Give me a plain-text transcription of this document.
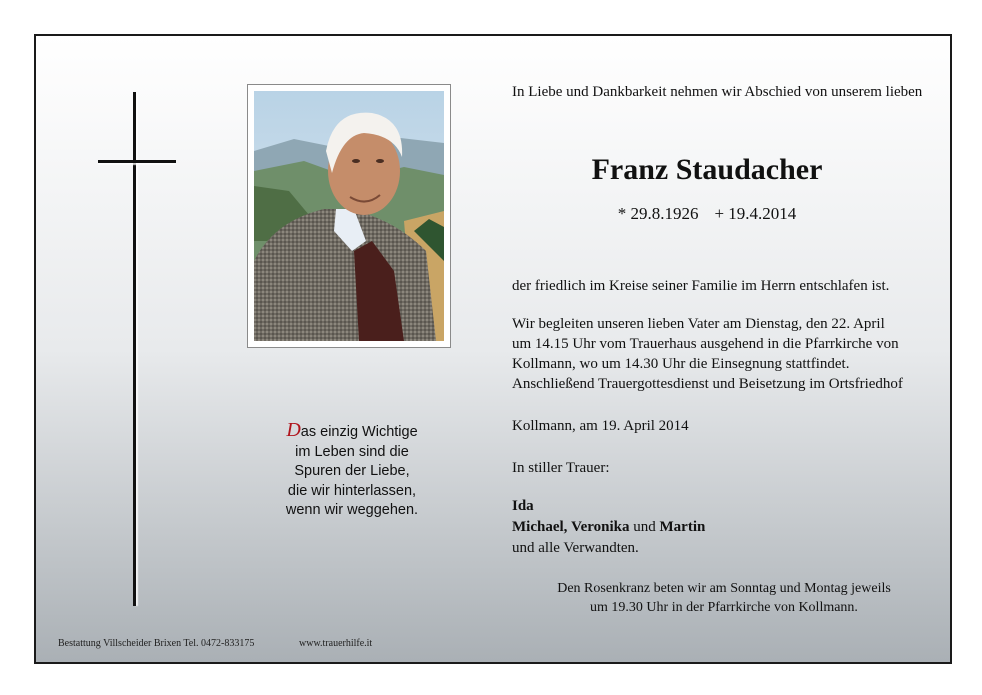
Das einzig Wichtige
im Leben sind die
Spuren der Liebe,
die wir hinterlassen,
wenn wir weggehen.
In Liebe und Dankbarkeit nehmen wir Abschied von unserem lieben
Franz Staudacher
* 29.8.1926 + 19.4.2014
der friedlich im Kreise seiner Familie im Herrn entschlafen ist.
Wir begleiten unseren lieben Vater am Dienstag, den 22. April
um 14.15 Uhr vom Trauerhaus ausgehend in die Pfarrkirche von
Kollmann, wo um 14.30 Uhr die Einsegnung stattfindet.
Anschließend Trauergottesdienst und Beisetzung im Ortsfriedhof
Kollmann, am 19. April 2014
In stiller Trauer:
Ida
Michael, Veronika und Martin
und alle Verwandten.
Den Rosenkranz beten wir am Sonntag und Montag jeweils
um 19.30 Uhr in der Pfarrkirche von Kollmann.
Bestattung Villscheider Brixen Tel. 0472-833175	www.trauerhilfe.it
